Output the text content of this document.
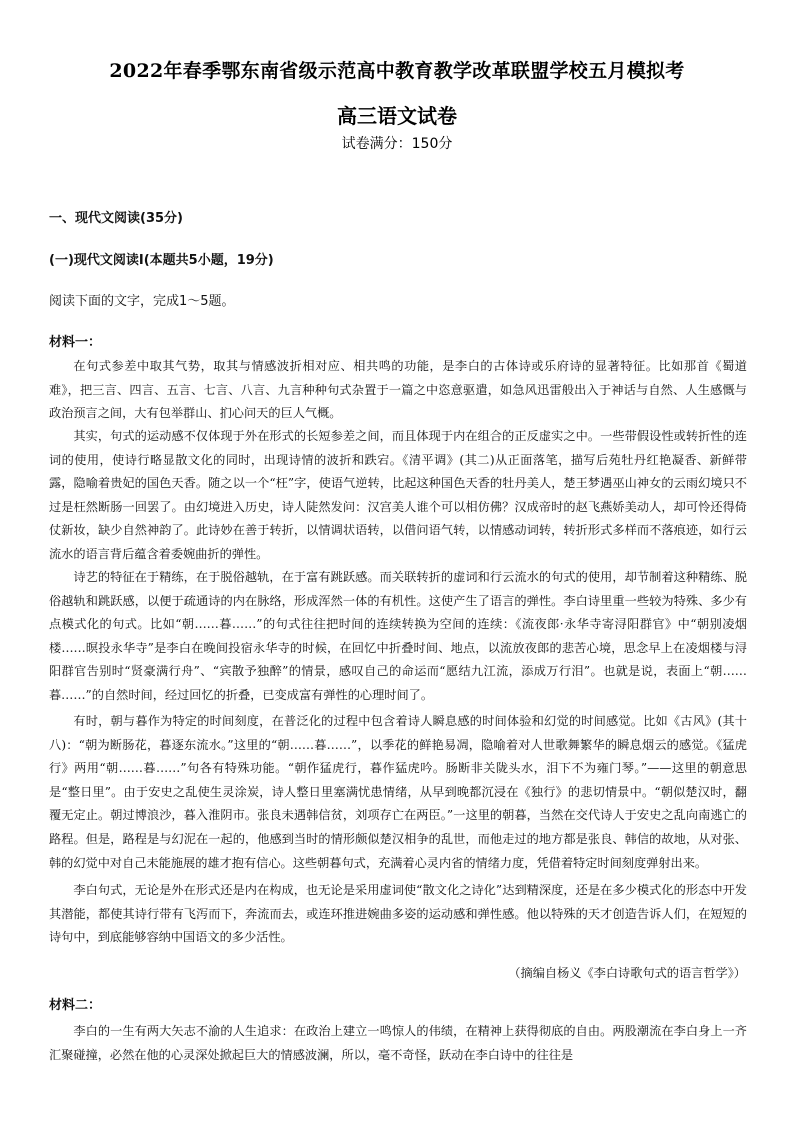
2022年春季鄂东南省级示范高中教育教学改革联盟学校五月模拟考
高三语文试卷
试卷满分：150分
一、现代文阅读(35分)
(一)现代文阅读I(本题共5小题，19分)
阅读下面的文字，完成1～5题。
材料一：

在句式参差中取其气势，取其与情感波折相对应、相共鸣的功能，是李白的古体诗或乐府诗的显著特征。比如那首《蜀道难》，把三言、四言、五言、七言、八言、九言种种句式杂置于一篇之中恣意驱遣，如急风迅雷般出入于神话与自然、人生感慨与政治预言之间，大有包举群山、扪心问天的巨人气概。

其实，句式的运动感不仅体现于外在形式的长短参差之间，而且体现于内在组合的正反虚实之中。一些带假设性或转折性的连词的使用，使诗行略显散文化的同时，出现诗情的波折和跌宕。《清平调》(其二)从正面落笔，描写后苑牡丹红艳凝香、新鲜带露，隐喻着贵妃的国色天香。随之以一个“枉”字，使语气逆转，比起这种国色天香的牡丹美人，楚王梦遇巫山神女的云雨幻境只不过是枉然断肠一回罢了。由幻境进入历史，诗人陡然发问：汉宫美人谁个可以相仿佛？汉成帝时的赵飞燕娇美动人，却可怜还得倚仗新妆，缺少自然神韵了。此诗妙在善于转折，以情调状语转，以借问语气转，以情感动词转，转折形式多样而不落痕迹，如行云流水的语言背后蕴含着委婉曲折的弹性。

诗艺的特征在于精练，在于脱俗越轨，在于富有跳跃感。而关联转折的虚词和行云流水的句式的使用，却节制着这种精练、脱俗越轨和跳跃感，以便于疏通诗的内在脉络，形成浑然一体的有机性。这使产生了语言的弹性。李白诗里重一些较为特殊、多少有点模式化的句式。比如“朝……暮……”的句式往往把时间的连续转换为空间的连续：《流夜郎·永华寺寄浔阳群官》中“朝别凌烟楼……暝投永华寺”是李白在晚间投宿永华寺的时候，在回忆中折叠时间、地点，以流放夜郎的悲苦心境，思念早上在凌烟楼与浔阳群官告别时“贤豪满行舟”、“宾散予独醉”的情景，感叹自己的命运而“愿结九江流，添成万行泪”。也就是说，表面上“朝……暮……”的自然时间，经过回忆的折叠，已变成富有弹性的心理时间了。

有时，朝与暮作为特定的时间刻度，在普泛化的过程中包含着诗人瞬息感的时间体验和幻觉的时间感觉。比如《古风》(其十八)：“朝为断肠花，暮逐东流水。”这里的“朝……暮……”，以季花的鲜艳易凋，隐喻着对人世歌舞繁华的瞬息烟云的感觉。《猛虎行》两用“朝……暮……”句各有特殊功能。“朝作猛虎行，暮作猛虎吟。肠断非关陇头水，泪下不为雍门琴。”——这里的朝意思是“整日里”。由于安史之乱使生灵涂炭，诗人整日里塞满忧患情绪，从早到晚都沉浸在《独行》的悲切情景中。“朝似楚汉时，翻覆无定止。朝过博浪沙，暮入淮阴市。张良未遇韩信贫，刘项存亡在两臣。”一这里的朝暮，当然在交代诗人于安史之乱向南逃亡的路程。但是，路程是与幻泥在一起的，他感到当时的情形颇似楚汉相争的乱世，而他走过的地方都是张良、韩信的故地，从对张、韩的幻觉中对自己未能施展的雄才抱有信心。这些朝暮句式，充满着心灵内省的情绪力度，凭借着特定时间刻度弹射出来。

李白句式，无论是外在形式还是内在构成，也无论是采用虚词使“散文化之诗化”达到精深度，还是在多少模式化的形态中开发其潜能，都使其诗行带有飞泻而下，奔流而去，或连环推进婉曲多姿的运动感和弹性感。他以特殊的天才创造告诉人们，在短短的诗句中，到底能够容纳中国语文的多少活性。

（摘编自杨义《李白诗歌句式的语言哲学》）
材料二：

李白的一生有两大矢志不渝的人生追求：在政治上建立一鸣惊人的伟绩，在精神上获得彻底的自由。两股潮流在李白身上一齐汇聚碰撞，必然在他的心灵深处掀起巨大的情感波澜，所以，毫不奇怪，跃动在李白诗中的往往是
